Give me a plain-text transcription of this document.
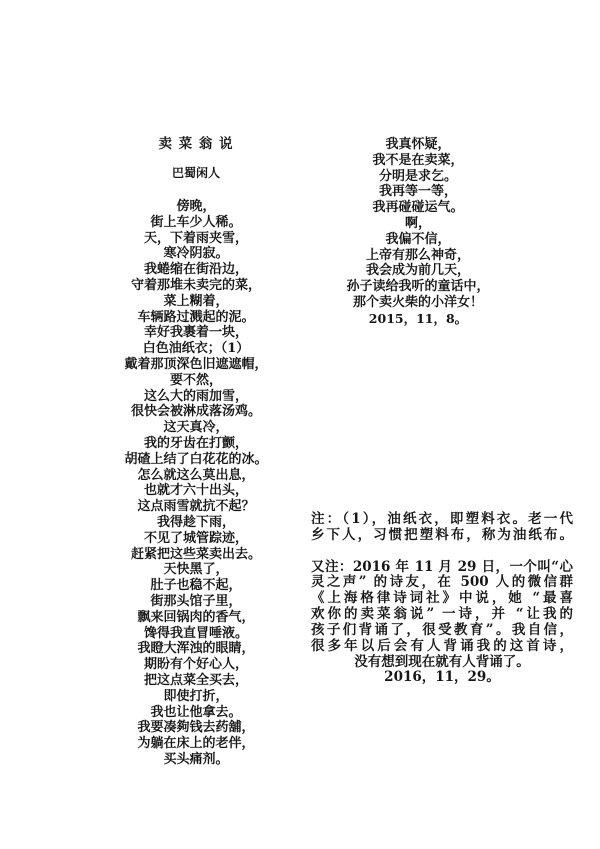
卖 菜 翁 说
巴蜀闲人
傍晚，
街上车少人稀。
天，下着雨夹雪，
寒冷阴寂。
我蜷缩在街沿边，
守着那堆未卖完的菜，
菜上糊着，
车辆路过溅起的泥。
幸好我裹着一块，
白色油纸衣；（1）
戴着那顶深色旧遮遮帽，
要不然，
这么大的雨加雪，
很快会被淋成落汤鸡。
这天真冷，
我的牙齿在打颤，
胡碴上结了白花花的冰。
怎么就这么莫出息，
也就才六十出头，
这点雨雪就抗不起？
我得趁下雨，
不见了城管踪迹，
赶紧把这些菜卖出去。
天快黑了，
肚子也稳不起，
街那头馆子里，
飘来回锅肉的香气，
馋得我直冒唾液。
我瞪大浑浊的眼睛，
期盼有个好心人，
把这点菜全买去，
即使打折，
我也让他拿去。
我要凑夠钱去药舖，
为躺在床上的老伴，
买头痛剂。
我真怀疑，
我不是在卖菜，
分明是求乞。
我再等一等，
我再碰碰运气。
啊，
我偏不信，
上帝有那么神奇，
我会成为前几天，
孙子读给我听的童话中，
那个卖火柴的小洋女！
2015，11，8。
注：（1），油纸衣，即塑料衣。老一代
乡下人，习惯把塑料布，称为油纸布。
又注：2016 年 11 月 29 日，一个叫“心
灵之声” 的诗友，在 500 人的微信群
《上海格律诗词社》中说，她 “最喜
欢你的卖菜翁说” 一诗，并 “让我的
孩子们背诵了，很受教育”。我自信，
很多年以后会有人背诵我的这首诗，
没有想到现在就有人背诵了。
2016，11，29。
